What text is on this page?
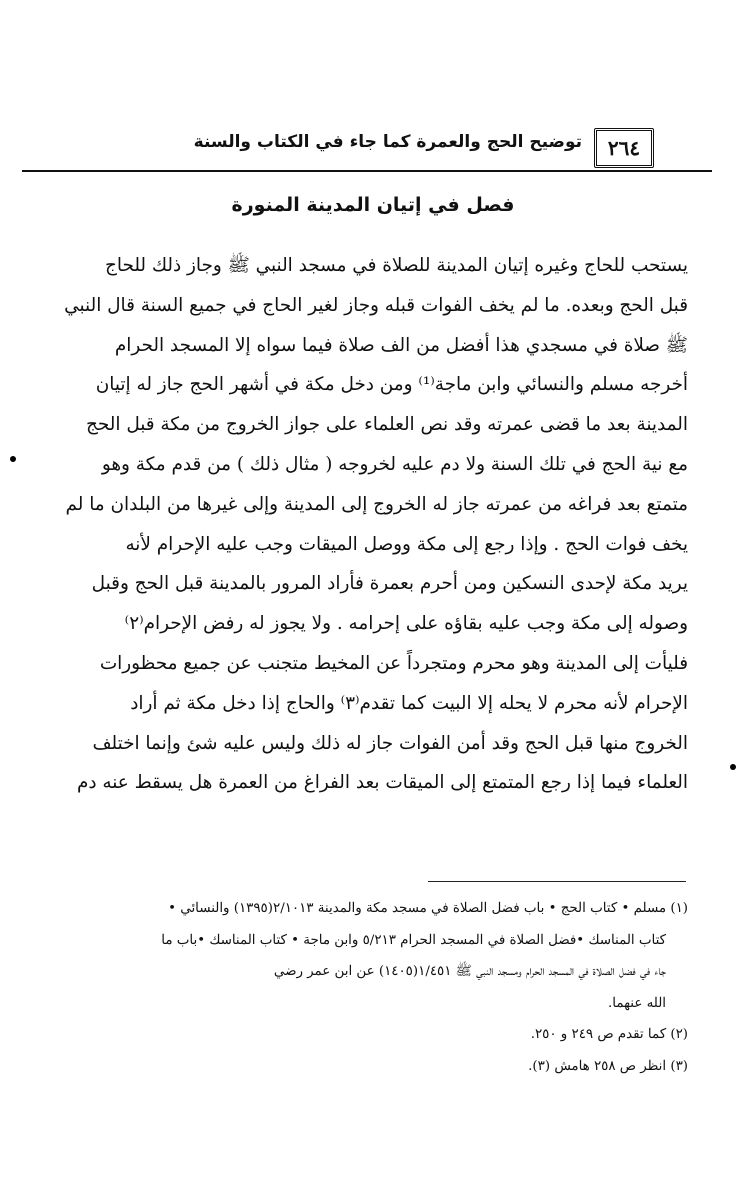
٢٦٤
توضيح الحج والعمرة كما جاء في الكتاب والسنة
فصل في إتيان المدينة المنورة
يستحب للحاج وغيره إتيان المدينة للصلاة في مسجد النبي ﷺ وجاز ذلك للحاج
قبل الحج وبعده. ما لم يخف الفوات قبله وجاز لغير الحاج في جميع السنة قال النبي
ﷺ صلاة في مسجدي هذا أفضل من الف صلاة فيما سواه إلا المسجد الحرام
أخرجه مسلم والنسائي وابن ماجة⁽¹⁾ ومن دخل مكة في أشهر الحج جاز له إتيان
المدينة بعد ما قضى عمرته وقد نص العلماء على جواز الخروج من مكة قبل الحج
مع نية الحج في تلك السنة ولا دم عليه لخروجه ( مثال ذلك ) من قدم مكة وهو
متمتع بعد فراغه من عمرته جاز له الخروج إلى المدينة وإلى غيرها من البلدان ما لم
يخف فوات الحج . وإذا رجع إلى مكة ووصل الميقات وجب عليه الإحرام لأنه
يريد مكة لإحدى النسكين ومن أحرم بعمرة فأراد المرور بالمدينة قبل الحج وقبل
وصوله إلى مكة وجب عليه بقاؤه على إحرامه . ولا يجوز له رفض الإحرام⁽٢⁾
فليأت إلى المدينة وهو محرم ومتجرداً عن المخيط متجنب عن جميع محظورات
الإحرام لأنه محرم لا يحله إلا البيت كما تقدم⁽٣⁾ والحاج إذا دخل مكة ثم أراد
الخروج منها قبل الحج وقد أمن الفوات جاز له ذلك وليس عليه شئ وإنما اختلف
العلماء فيما إذا رجع المتمتع إلى الميقات بعد الفراغ من العمرة هل يسقط عنه دم
(١) مسلم • كتاب الحج • باب فضل الصلاة في مسجد مكة والمدينة ٢/١٠١٣(١٣٩٥) والنسائي •
كتاب المناسك •فضل الصلاة في المسجد الحرام ٥/٢١٣ وابن ماجة • كتاب المناسك •باب ما
جاء في فضل الصلاة في المسجد الحرام ومسجد النبي ﷺ ١/٤٥١(١٤٠٥) عن ابن عمر رضي
الله عنهما.
(٢) كما تقدم ص ٢٤٩ و ٢٥٠.
(٣) انظر ص ٢٥٨ هامش (٣).
